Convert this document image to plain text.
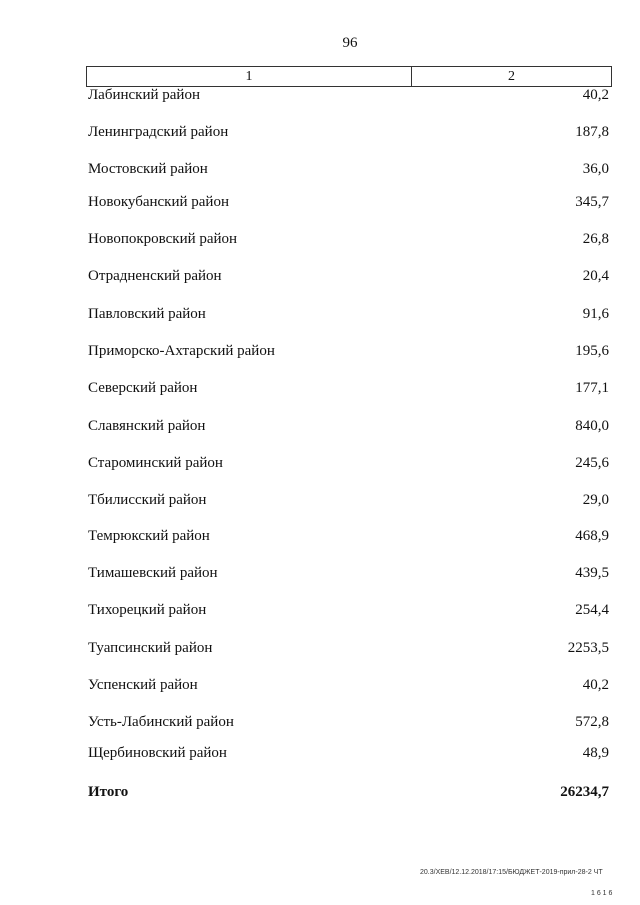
96
1	2
Лабинский район	40,2
Ленинградский район	187,8
Мостовский район	36,0
Новокубанский район	345,7
Новопокровский район	26,8
Отрадненский район	20,4
Павловский район	91,6
Приморско-Ахтарский район	195,6
Северский район	177,1
Славянский район	840,0
Староминский район	245,6
Тбилисский район	29,0
Темрюкский район	468,9
Тимашевский район	439,5
Тихорецкий район	254,4
Туапсинский район	2253,5
Успенский район	40,2
Усть-Лабинский район	572,8
Щербиновский район	48,9
Итого	26234,7
20.3/ХЕВ/12.12.2018/17:15/БЮДЖЕТ-2019-прил-28-2 ЧТ
1 6 1 6
